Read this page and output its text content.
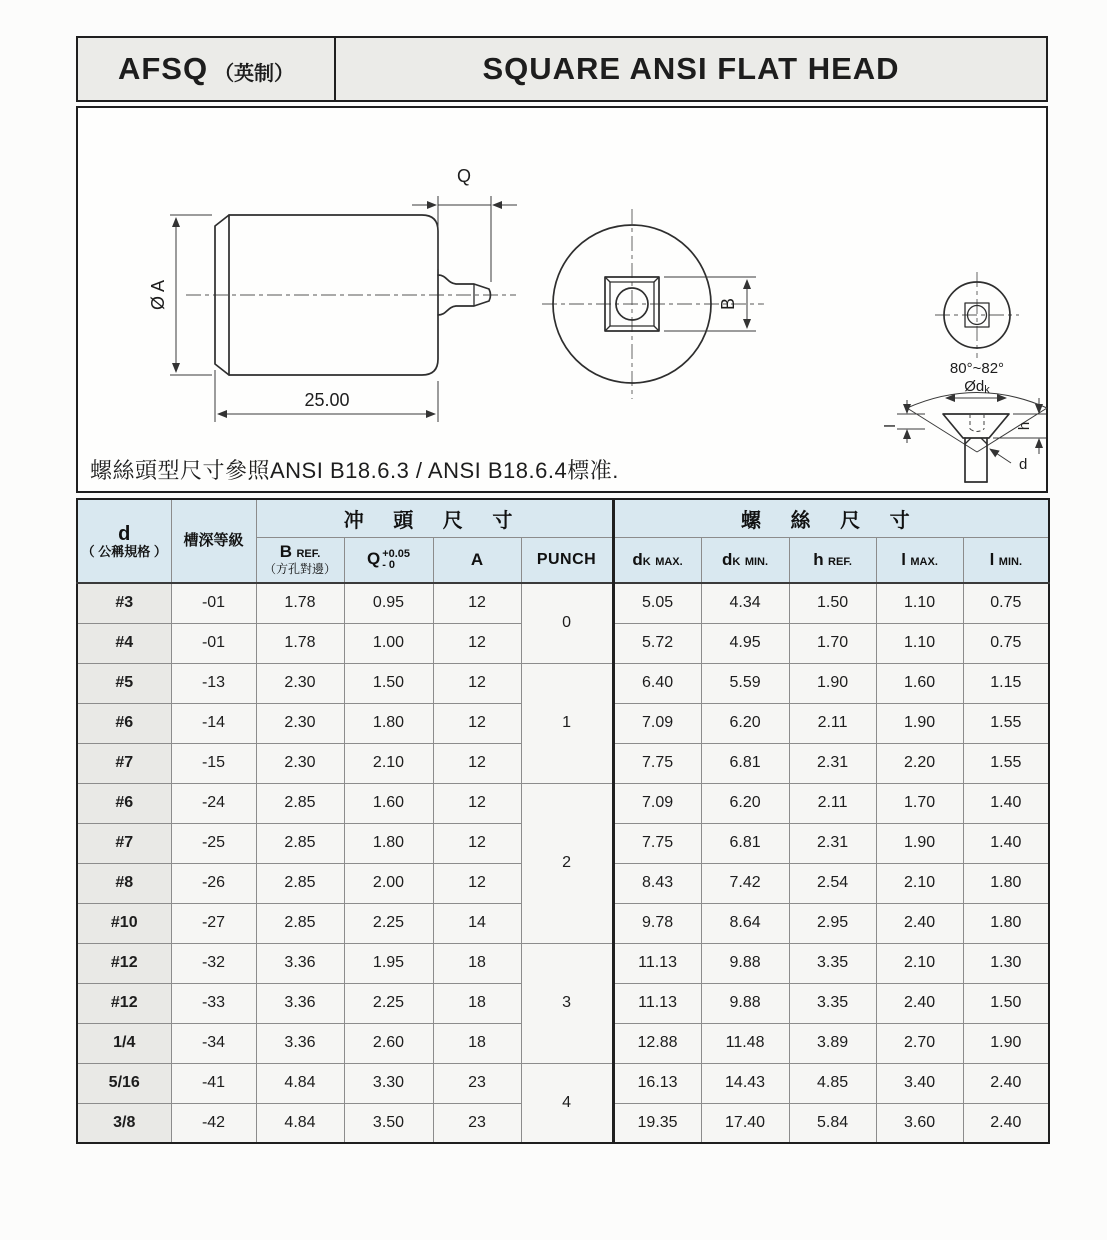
AFSQ （英制）	SQUARE ANSI FLAT HEAD
Ø A
25.00
Q
B
80°~82°
Ødk
l	h
d
螺絲頭型尺寸參照ANSI B18.6.3 / ANSI B18.6.4標准.
d
（ 公稱規格 ）	槽深等級	冲 頭 尺 寸				螺 絲 尺 寸				

B REF.
（方孔對邊）
	Q +0.05
- 0	A	PUNCH	dK MAX.	dK MIN.	h REF.	l MAX.	l MIN.
#3	-01	1.78	0.95	12	0	5.05	4.34	1.50	1.10	0.75
#4	-01	1.78	1.00	12		5.72	4.95	1.70	1.10	0.75
#5	-13	2.30	1.50	12	1	6.40	5.59	1.90	1.60	1.15
#6	-14	2.30	1.80	12		7.09	6.20	2.11	1.90	1.55
#7	-15	2.30	2.10	12		7.75	6.81	2.31	2.20	1.55
#6	-24	2.85	1.60	12	2	7.09	6.20	2.11	1.70	1.40
#7	-25	2.85	1.80	12		7.75	6.81	2.31	1.90	1.40
#8	-26	2.85	2.00	12		8.43	7.42	2.54	2.10	1.80
#10	-27	2.85	2.25	14		9.78	8.64	2.95	2.40	1.80
#12	-32	3.36	1.95	18	3	11.13	9.88	3.35	2.10	1.30
#12	-33	3.36	2.25	18		11.13	9.88	3.35	2.40	1.50
1/4	-34	3.36	2.60	18		12.88	11.48	3.89	2.70	1.90
5/16	-41	4.84	3.30	23	4	16.13	14.43	4.85	3.40	2.40
3/8	-42	4.84	3.50	23		19.35	17.40	5.84	3.60	2.40
